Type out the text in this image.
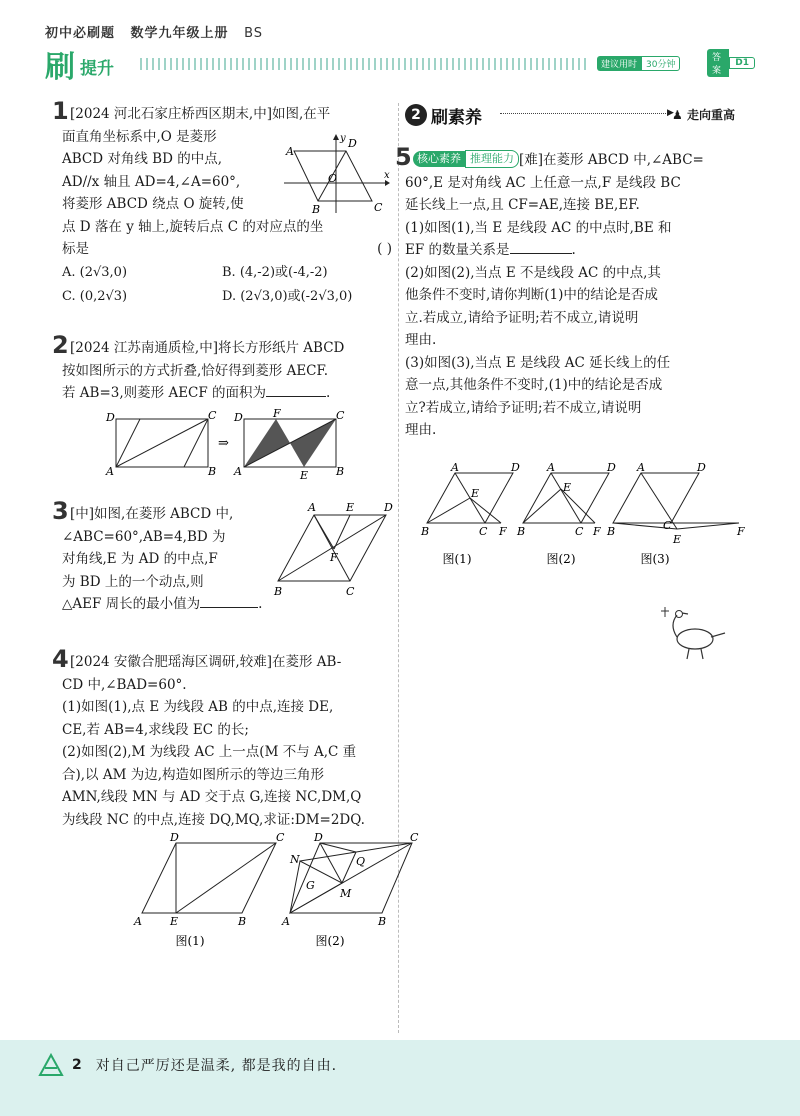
初中必刷题 数学九年级上册 BS
刷 提升	建议用时	30分钟
答案
D1
1 [2024 河北石家庄桥西区期末,中]如图,在平

面直角坐标系中,O 是菱形

ABCD 对角线 BD 的中点,

AD//x 轴且 AD=4,∠A=60°,

将菱形 ABCD 绕点 O 旋转,使

点 D 落在 y 轴上,旋转后点 C 的对应点的坐

标是	( )

A. (2√3,0)	B. (4,-2)或(-4,-2)
C. (0,2√3)	D. (2√3,0)或(-2√3,0)
A
D
B	C
O
y
x
2 [2024 江苏南通质检,中]将长方形纸片 ABCD

按如图所示的方式折叠,恰好得到菱形 AECF.

若 AB=3,则菱形 AECF 的面积为	.

D	C
A	B
⇒
D	F	C
A	E	B
O
3 [中]如图,在菱形 ABCD 中,

∠ABC=60°,AB=4,BD 为

对角线,E 为 AD 的中点,F

为 BD 上的一个动点,则

△AEF 周长的最小值为	.

A	E	D
B	C
F
4 [2024 安徽合肥瑶海区调研,较难]在菱形 AB-

CD 中,∠BAD=60°.

(1)如图(1),点 E 为线段 AB 的中点,连接 DE,

CE,若 AB=4,求线段 EC 的长;

(2)如图(2),M 为线段 AC 上一点(M 不与 A,C 重

合),以 AM 为边,构造如图所示的等边三角形

AMN,线段 MN 与 AD 交于点 G,连接 NC,DM,Q

为线段 NC 的中点,连接 DQ,MQ,求证:DM=2DQ.

D	C
A	E	B
图(1)
D	C
N	Q
G
M
A	B
图(2)
2 刷素养	▶
♟ 走向重高
5 核心素养 推理能力 [难]在菱形 ABCD 中,∠ABC=

60°,E 是对角线 AC 上任意一点,F 是线段 BC

延长线上一点,且 CF=AE,连接 BE,EF.

(1)如图(1),当 E 是线段 AC 的中点时,BE 和

EF 的数量关系是	.

(2)如图(2),当点 E 不是线段 AC 的中点,其

他条件不变时,请你判断(1)中的结论是否成

立.若成立,请给予证明;若不成立,请说明

理由.

(3)如图(3),当点 E 是线段 AC 延长线上的任

意一点,其他条件不变时,(1)中的结论是否成

立?若成立,请给予证明;若不成立,请说明

理由.

A	D
B	C F
E
图(1)
A	D
B	C F
E
图(2)
A	D
B	C	F
E
图(3)
2 对自己严厉还是温柔, 都是我的自由.
